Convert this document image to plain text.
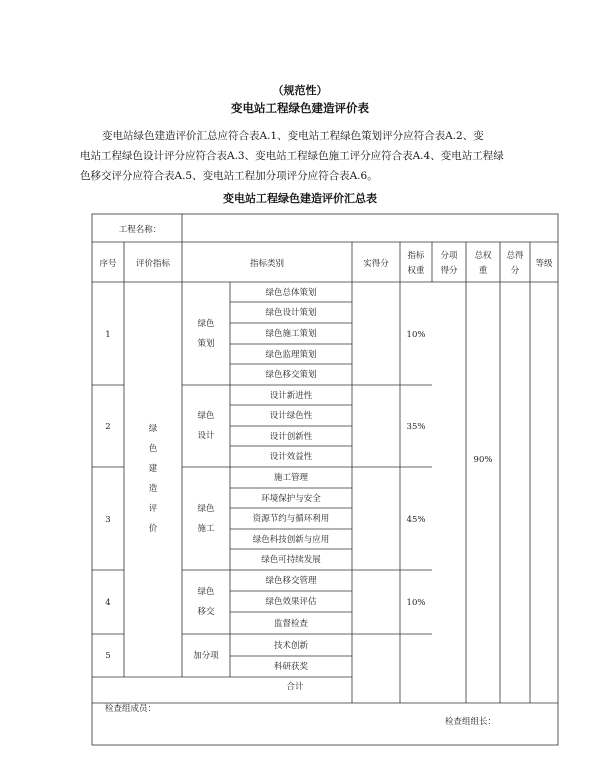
（规范性）
变电站工程绿色建造评价表
变电站绿色建造评价汇总应符合表A.1、变电站工程绿色策划评分应符合表A.2、变
电站工程绿色设计评分应符合表A.3、变电站工程绿色施工评分应符合表A.4、变电站工程绿
色移交评分应符合表A.5、变电站工程加分项评分应符合表A.6。
变电站工程绿色建造评价汇总表
工程名称：
序号 评价指标	指标类别	实得分
指标
权重
分项
得分
总权
重
总得
分
等级
1
2
3
4
5
绿
色
建
造
评
价
绿色
策划
绿色
设计
绿色
施工
绿色
移交
加分项
绿色总体策划
绿色设计策划
绿色施工策划
绿色监理策划
绿色移交策划
设计新进性
设计绿色性
设计创新性
设计效益性
施工管理
环境保护与安全
资源节约与循环利用
绿色科技创新与应用
绿色可持续发展
绿色移交管理
绿色效果评估
监督检查
技术创新
科研获奖
10%
35%
45%
10%
90%
合计
检查组成员：
检查组组长：
